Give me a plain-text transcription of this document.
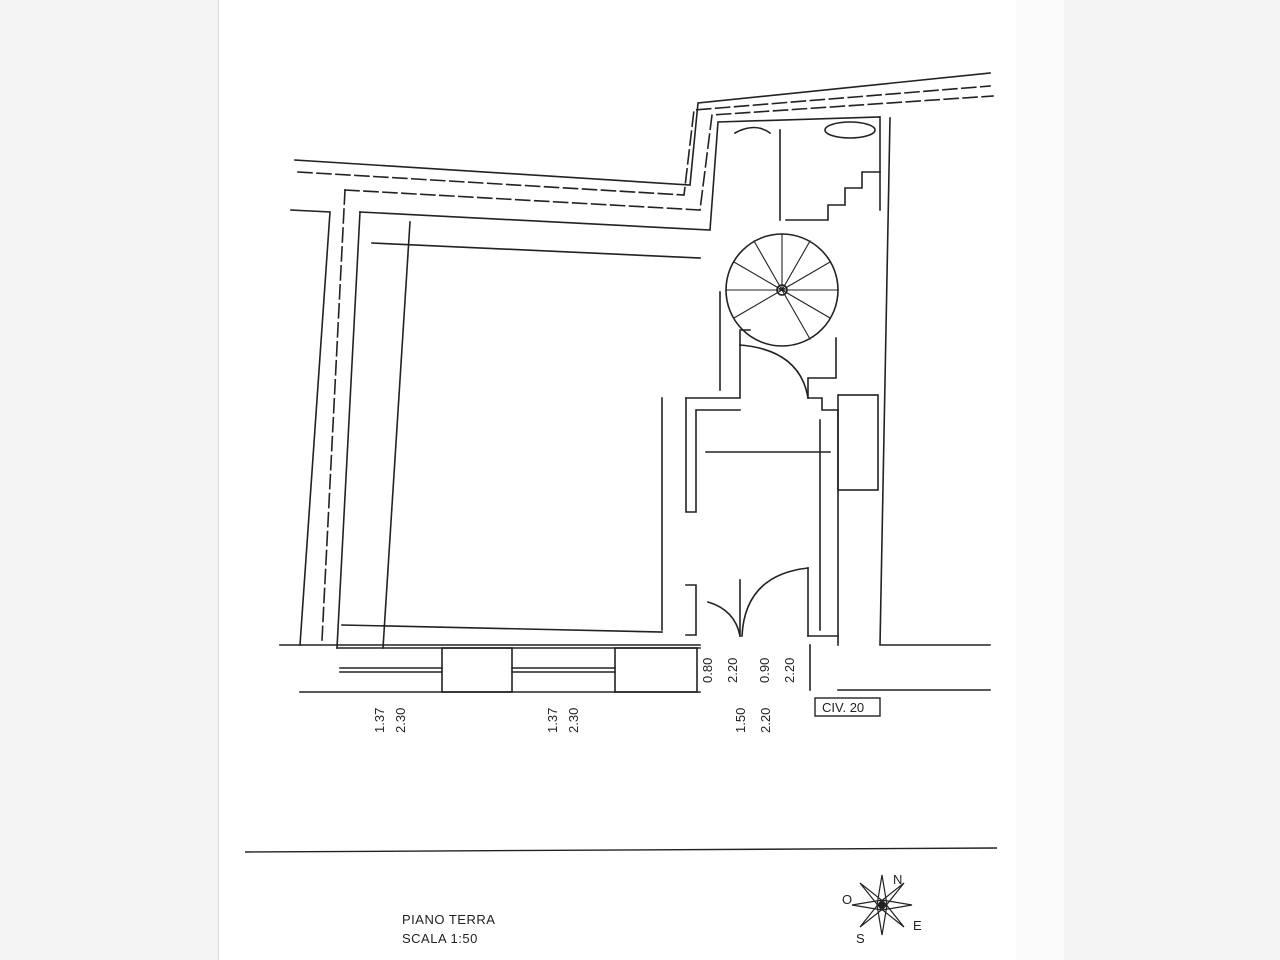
1.37 2.30	1.37 2.30
0.80 2.20 0.90 2.20
1.50 2.20
CIV. 20
PIANO TERRA
SCALA 1:50
N
O
E
S
